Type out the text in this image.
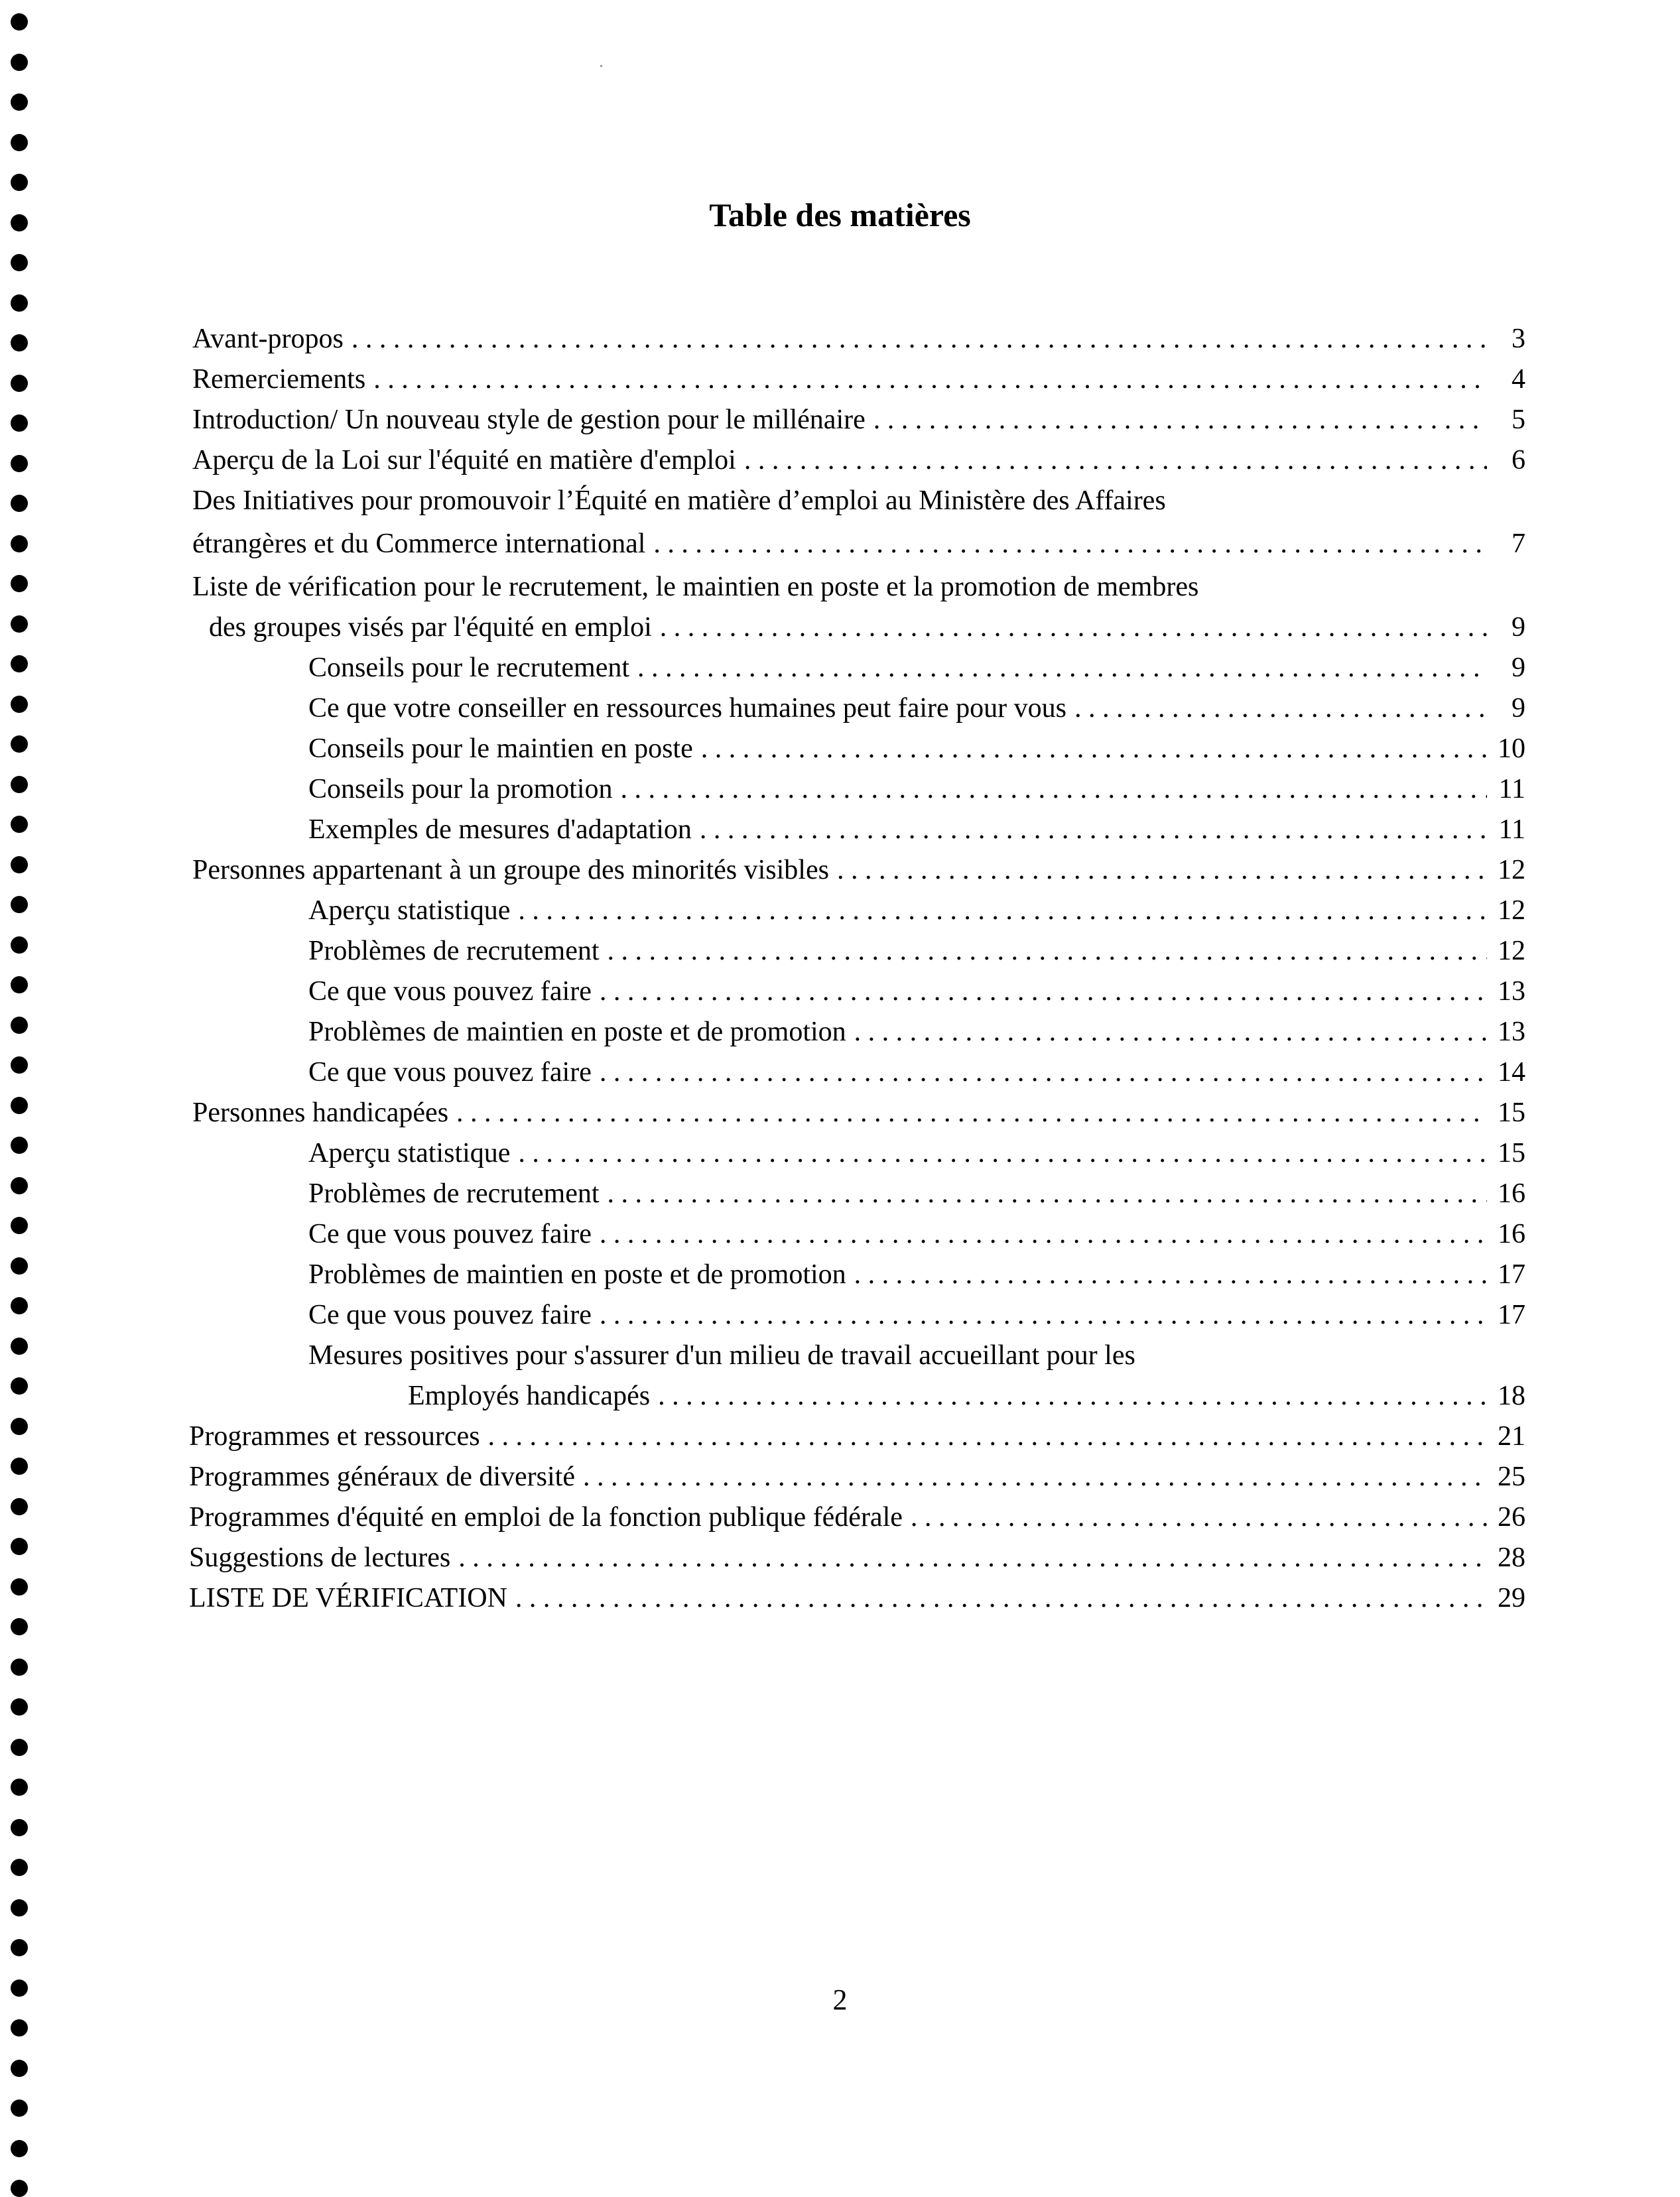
Table des matières
Avant-propos . . .	3
Remerciements . . .	4
Introduction/ Un nouveau style de gestion pour le millénaire . . .	5
Aperçu de la Loi sur l'équité en matière d'emploi . . .	6
Des Initiatives pour promouvoir l’Équité en matière d’emploi au Ministère des Affaires
étrangères et du Commerce international . . .	7
Liste de vérification pour le recrutement, le maintien en poste et la promotion de membres
des groupes visés par l'équité en emploi . . .	9
Conseils pour le recrutement . . .	9
Ce que votre conseiller en ressources humaines peut faire pour vous . . .	9
Conseils pour le maintien en poste . . .	10
Conseils pour la promotion . . .	11
Exemples de mesures d'adaptation . . .	11
Personnes appartenant à un groupe des minorités visibles . . .	12
Aperçu statistique . . .	12
Problèmes de recrutement . . .	12
Ce que vous pouvez faire . . .	13
Problèmes de maintien en poste et de promotion . . .	13
Ce que vous pouvez faire . . .	14
Personnes handicapées . . .	15
Aperçu statistique . . .	15
Problèmes de recrutement . . .	16
Ce que vous pouvez faire . . .	16
Problèmes de maintien en poste et de promotion . . .	17
Ce que vous pouvez faire . . .	17
Mesures positives pour s'assurer d'un milieu de travail accueillant pour les
Employés handicapés . . .	18
Programmes et ressources . . .	21
Programmes généraux de diversité . . .	25
Programmes d'équité en emploi de la fonction publique fédérale . . .	26
Suggestions de lectures . . .	28
LISTE DE VÉRIFICATION . . .	29
2
